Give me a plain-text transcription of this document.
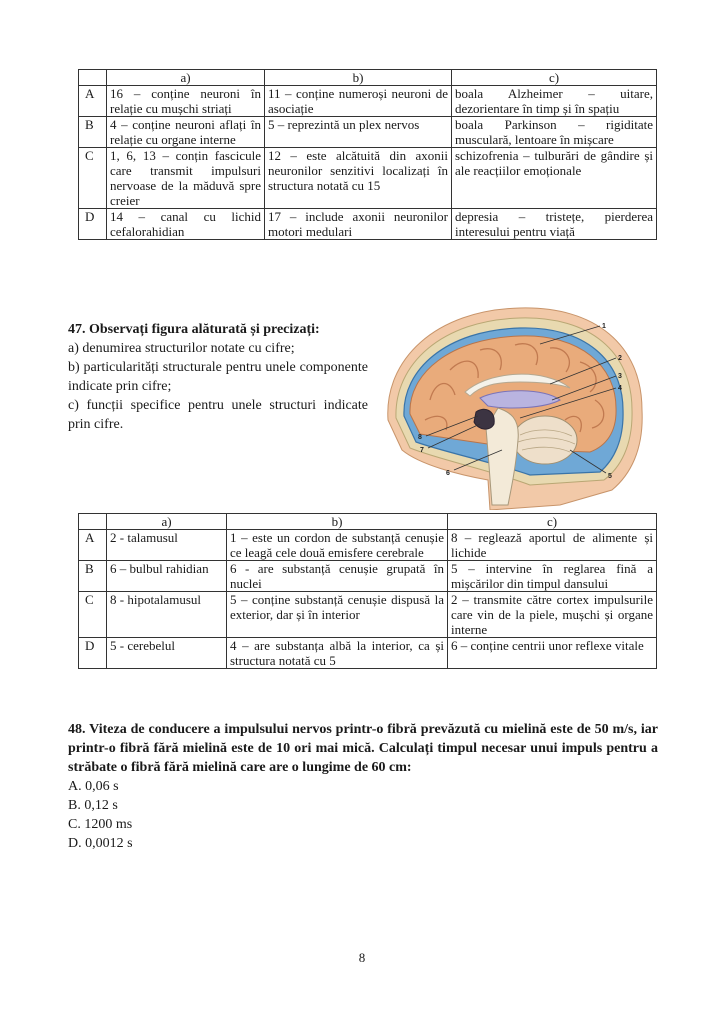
	a)	b)	c)
A	16 – conține neuroni în relație cu mușchi striați	11 – conține numeroși neuroni de asociație	boala Alzheimer – uitare, dezorientare în timp și în spațiu
B	4 – conține neuroni aflați în relație cu organe interne	5 – reprezintă un plex nervos	boala Parkinson – rigiditate musculară, lentoare în mișcare
C	1, 6, 13 – conțin fascicule care transmit impulsuri nervoase de la măduvă spre creier	12 – este alcătuită din axonii neuronilor senzitivi localizați în structura notată cu 15	schizofrenia – tulburări de gândire și ale reacțiilor emoționale
D	14 – canal cu lichid cefalorahidian	17 – include axonii neuronilor motori medulari	depresia – tristețe, pierderea interesului pentru viață
47. Observați figura alăturată și precizați:
a) denumirea structurilor notate cu cifre;
b) particularități structurale pentru unele componente indicate prin cifre;
c) funcții specifice pentru unele structuri indicate prin cifre.
1
2
3
4
5
6
7
8
	a)	b)	c)
A	2 - talamusul	1 – este un cordon de substanță cenușie ce leagă cele două emisfere cerebrale	8 – reglează aportul de alimente și lichide
B	6 – bulbul rahidian	6 - are substanță cenușie grupată în nuclei	5 – intervine în reglarea fină a mișcărilor din timpul dansului
C	8 - hipotalamusul	5 – conține substanță cenușie dispusă la exterior, dar și în interior	2 – transmite către cortex impulsurile care vin de la piele, mușchi și organe interne
D	5 - cerebelul	4 – are substanța albă la interior, ca și structura notată cu 5	6 – conține centrii unor reflexe vitale
48. Viteza de conducere a impulsului nervos printr-o fibră prevăzută cu mielină este de 50 m/s, iar printr-o fibră fără mielină este de 10 ori mai mică. Calculați timpul necesar unui impuls pentru a străbate o fibră fără mielină care are o lungime de 60 cm:
A. 0,06 s
B. 0,12 s
C. 1200 ms
D. 0,0012 s
8
